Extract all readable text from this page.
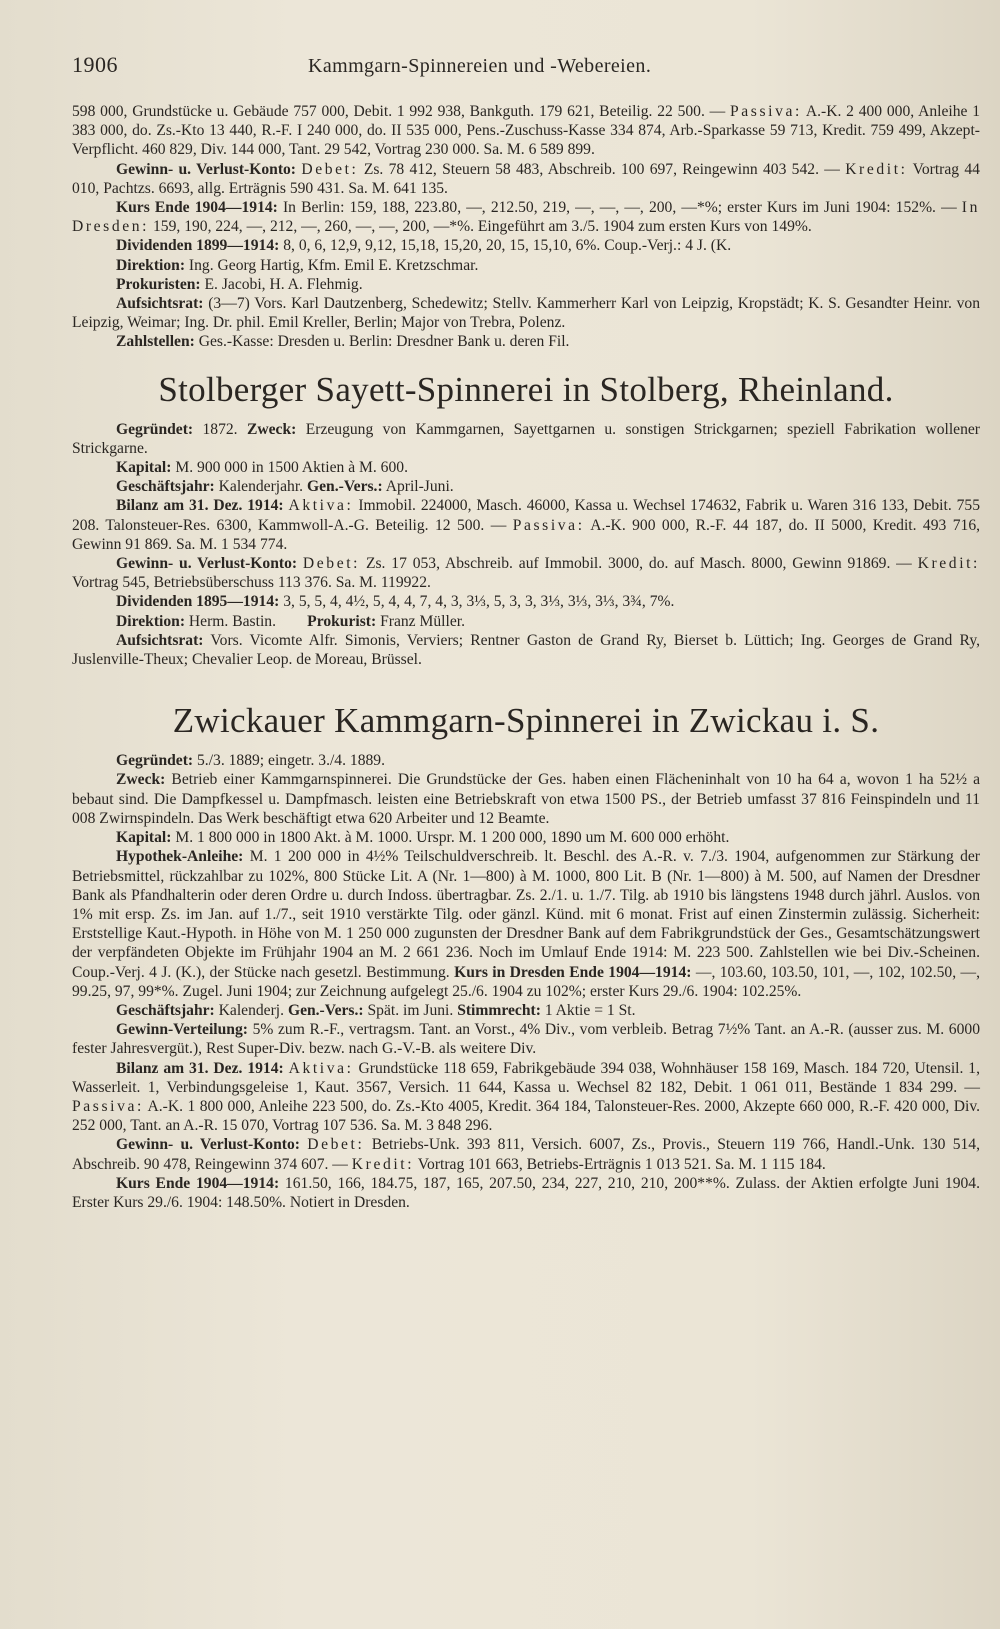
1906	Kammgarn-Spinnereien und -Webereien.

598 000, Grundstücke u. Gebäude 757 000, Debit. 1 992 938, Bankguth. 179 621, Beteilig. 22 500. — Passiva: A.-K. 2 400 000, Anleihe 1 383 000, do. Zs.-Kto 13 440, R.-F. I 240 000, do. II 535 000, Pens.-Zuschuss-Kasse 334 874, Arb.-Sparkasse 59 713, Kredit. 759 499, Akzept-Verpflicht. 460 829, Div. 144 000, Tant. 29 542, Vortrag 230 000. Sa. M. 6 589 899.

Gewinn- u. Verlust-Konto: Debet: Zs. 78 412, Steuern 58 483, Abschreib. 100 697, Reingewinn 403 542. — Kredit: Vortrag 44 010, Pachtzs. 6693, allg. Erträgnis 590 431. Sa. M. 641 135.

Kurs Ende 1904—1914: In Berlin: 159, 188, 223.80, —, 212.50, 219, —, —, —, 200, —*%; erster Kurs im Juni 1904: 152%. — In Dresden: 159, 190, 224, —, 212, —, 260, —, —, 200, —*%. Eingeführt am 3./5. 1904 zum ersten Kurs von 149%.

Dividenden 1899—1914: 8, 0, 6, 12,9, 9,12, 15,18, 15,20, 20, 15, 15,10, 6%. Coup.-Verj.: 4 J. (K.

Direktion: Ing. Georg Hartig, Kfm. Emil E. Kretzschmar.

Prokuristen: E. Jacobi, H. A. Flehmig.

Aufsichtsrat: (3—7) Vors. Karl Dautzenberg, Schedewitz; Stellv. Kammerherr Karl von Leipzig, Kropstädt; K. S. Gesandter Heinr. von Leipzig, Weimar; Ing. Dr. phil. Emil Kreller, Berlin; Major von Trebra, Polenz.

Zahlstellen: Ges.-Kasse: Dresden u. Berlin: Dresdner Bank u. deren Fil.

Stolberger Sayett-Spinnerei in Stolberg, Rheinland.

Gegründet: 1872. Zweck: Erzeugung von Kammgarnen, Sayettgarnen u. sonstigen Strickgarnen; speziell Fabrikation wollener Strickgarne.

Kapital: M. 900 000 in 1500 Aktien à M. 600.

Geschäftsjahr: Kalenderjahr. Gen.-Vers.: April-Juni.

Bilanz am 31. Dez. 1914: Aktiva: Immobil. 224000, Masch. 46000, Kassa u. Wechsel 174632, Fabrik u. Waren 316 133, Debit. 755 208. Talonsteuer-Res. 6300, Kammwoll-A.-G. Beteilig. 12 500. — Passiva: A.-K. 900 000, R.-F. 44 187, do. II 5000, Kredit. 493 716, Gewinn 91 869. Sa. M. 1 534 774.

Gewinn- u. Verlust-Konto: Debet: Zs. 17 053, Abschreib. auf Immobil. 3000, do. auf Masch. 8000, Gewinn 91869. — Kredit: Vortrag 545, Betriebsüberschuss 113 376. Sa. M. 119922.

Dividenden 1895—1914: 3, 5, 5, 4, 4½, 5, 4, 4, 7, 4, 3, 3⅓, 5, 3, 3, 3⅓, 3⅓, 3⅓, 3¾, 7%.

Direktion: Herm. Bastin. Prokurist: Franz Müller.

Aufsichtsrat: Vors. Vicomte Alfr. Simonis, Verviers; Rentner Gaston de Grand Ry, Bierset b. Lüttich; Ing. Georges de Grand Ry, Juslenville-Theux; Chevalier Leop. de Moreau, Brüssel.

Zwickauer Kammgarn-Spinnerei in Zwickau i. S.

Gegründet: 5./3. 1889; eingetr. 3./4. 1889.

Zweck: Betrieb einer Kammgarnspinnerei. Die Grundstücke der Ges. haben einen Flächeninhalt von 10 ha 64 a, wovon 1 ha 52½ a bebaut sind. Die Dampfkessel u. Dampfmasch. leisten eine Betriebskraft von etwa 1500 PS., der Betrieb umfasst 37 816 Feinspindeln und 11 008 Zwirnspindeln. Das Werk beschäftigt etwa 620 Arbeiter und 12 Beamte.

Kapital: M. 1 800 000 in 1800 Akt. à M. 1000. Urspr. M. 1 200 000, 1890 um M. 600 000 erhöht.

Hypothek-Anleihe: M. 1 200 000 in 4½% Teilschuldverschreib. lt. Beschl. des A.-R. v. 7./3. 1904, aufgenommen zur Stärkung der Betriebsmittel, rückzahlbar zu 102%, 800 Stücke Lit. A (Nr. 1—800) à M. 1000, 800 Lit. B (Nr. 1—800) à M. 500, auf Namen der Dresdner Bank als Pfandhalterin oder deren Ordre u. durch Indoss. übertragbar. Zs. 2./1. u. 1./7. Tilg. ab 1910 bis längstens 1948 durch jährl. Auslos. von 1% mit ersp. Zs. im Jan. auf 1./7., seit 1910 verstärkte Tilg. oder gänzl. Künd. mit 6 monat. Frist auf einen Zinstermin zulässig. Sicherheit: Erststellige Kaut.-Hypoth. in Höhe von M. 1 250 000 zugunsten der Dresdner Bank auf dem Fabrikgrundstück der Ges., Gesamtschätzungswert der verpfändeten Objekte im Frühjahr 1904 an M. 2 661 236. Noch im Umlauf Ende 1914: M. 223 500. Zahlstellen wie bei Div.-Scheinen. Coup.-Verj. 4 J. (K.), der Stücke nach gesetzl. Bestimmung. Kurs in Dresden Ende 1904—1914: —, 103.60, 103.50, 101, —, 102, 102.50, —, 99.25, 97, 99*%. Zugel. Juni 1904; zur Zeichnung aufgelegt 25./6. 1904 zu 102%; erster Kurs 29./6. 1904: 102.25%.

Geschäftsjahr: Kalenderj. Gen.-Vers.: Spät. im Juni. Stimmrecht: 1 Aktie = 1 St.

Gewinn-Verteilung: 5% zum R.-F., vertragsm. Tant. an Vorst., 4% Div., vom verbleib. Betrag 7½% Tant. an A.-R. (ausser zus. M. 6000 fester Jahresvergüt.), Rest Super-Div. bezw. nach G.-V.-B. als weitere Div.

Bilanz am 31. Dez. 1914: Aktiva: Grundstücke 118 659, Fabrikgebäude 394 038, Wohnhäuser 158 169, Masch. 184 720, Utensil. 1, Wasserleit. 1, Verbindungsgeleise 1, Kaut. 3567, Versich. 11 644, Kassa u. Wechsel 82 182, Debit. 1 061 011, Bestände 1 834 299. — Passiva: A.-K. 1 800 000, Anleihe 223 500, do. Zs.-Kto 4005, Kredit. 364 184, Talonsteuer-Res. 2000, Akzepte 660 000, R.-F. 420 000, Div. 252 000, Tant. an A.-R. 15 070, Vortrag 107 536. Sa. M. 3 848 296.

Gewinn- u. Verlust-Konto: Debet: Betriebs-Unk. 393 811, Versich. 6007, Zs., Provis., Steuern 119 766, Handl.-Unk. 130 514, Abschreib. 90 478, Reingewinn 374 607. — Kredit: Vortrag 101 663, Betriebs-Erträgnis 1 013 521. Sa. M. 1 115 184.

Kurs Ende 1904—1914: 161.50, 166, 184.75, 187, 165, 207.50, 234, 227, 210, 210, 200**%. Zulass. der Aktien erfolgte Juni 1904. Erster Kurs 29./6. 1904: 148.50%. Notiert in Dresden.
